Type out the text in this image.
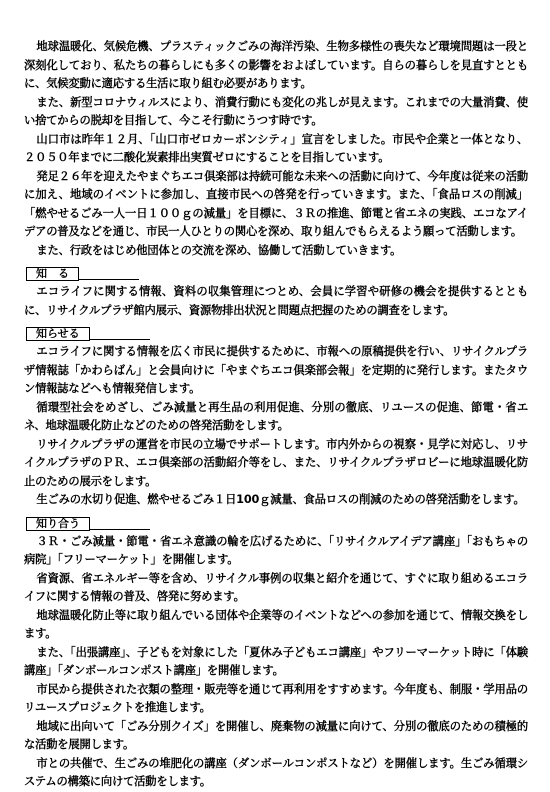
地球温暖化、気候危機、プラスティックごみの海洋汚染、生物多様性の喪失など環境問題は一段と深刻化しており、私たちの暮らしにも多くの影響をおよぼしています。自らの暮らしを見直すとともに、気候変動に適応する生活に取り組む必要があります。

また、新型コロナウィルスにより、消費行動にも変化の兆しが見えます。これまでの大量消費、使い捨てからの脱却を目指して、今こそ行動にうつす時です。

山口市は昨年１２月、「山口市ゼロカーボンシティ」宣言をしました。市民や企業と一体となり、２０５０年までに二酸化炭素排出実質ゼロにすることを目指しています。

発足２６年を迎えたやまぐちエコ倶楽部は持続可能な未来への活動に向けて、今年度は従来の活動に加え、地域のイベントに参加し、直接市民への啓発を行っていきます。また、「食品ロスの削減」「燃やせるごみ一人一日１００ｇの減量」を目標に、３Ｒの推進、節電と省エネの実践、エコなアイデアの普及などを通じ、市民一人ひとりの関心を深め、取り組んでもらえるよう願って活動します。

また、行政をはじめ他団体との交流を深め、協働して活動していきます。

知　る

エコライフに関する情報、資料の収集管理につとめ、会員に学習や研修の機会を提供するとともに、リサイクルプラザ館内展示、資源物排出状況と問題点把握のための調査をします。

知らせる

エコライフに関する情報を広く市民に提供するために、市報への原稿提供を行い、リサイクルプラザ情報誌「かわらばん」と会員向けに「やまぐちエコ倶楽部会報」を定期的に発行します。またタウン情報誌などへも情報発信します。

循環型社会をめざし、ごみ減量と再生品の利用促進、分別の徹底、リユースの促進、節電・省エネ、地球温暖化防止などのための啓発活動をします。

リサイクルプラザの運営を市民の立場でサポートします。市内外からの視察・見学に対応し、リサイクルプラザのＰＲ、エコ倶楽部の活動紹介等をし、また、リサイクルプラザロビーに地球温暖化防止のための展示をします。

生ごみの水切り促進、燃やせるごみ１日100ｇ減量、食品ロスの削減のための啓発活動をします。

知り合う

３Ｒ・ごみ減量・節電・省エネ意識の輪を広げるために、「リサイクルアイデア講座」「おもちゃの病院」「フリーマーケット」を開催します。

省資源、省エネルギー等を含め、リサイクル事例の収集と紹介を通じて、すぐに取り組めるエコライフに関する情報の普及、啓発に努めます。

地球温暖化防止等に取り組んでいる団体や企業等のイベントなどへの参加を通じて、情報交換をします。

また、「出張講座」、子どもを対象にした「夏休み子どもエコ講座」やフリーマーケット時に「体験講座」「ダンボールコンポスト講座」を開催します。

市民から提供された衣類の整理・販売等を通じて再利用をすすめます。今年度も、制服・学用品のリユースプロジェクトを推進します。

地域に出向いて「ごみ分別クイズ」を開催し、廃棄物の減量に向けて、分別の徹底のための積極的な活動を展開します。

市との共催で、生ごみの堆肥化の講座（ダンボールコンポストなど）を開催します。生ごみ循環システムの構築に向けて活動をします。
